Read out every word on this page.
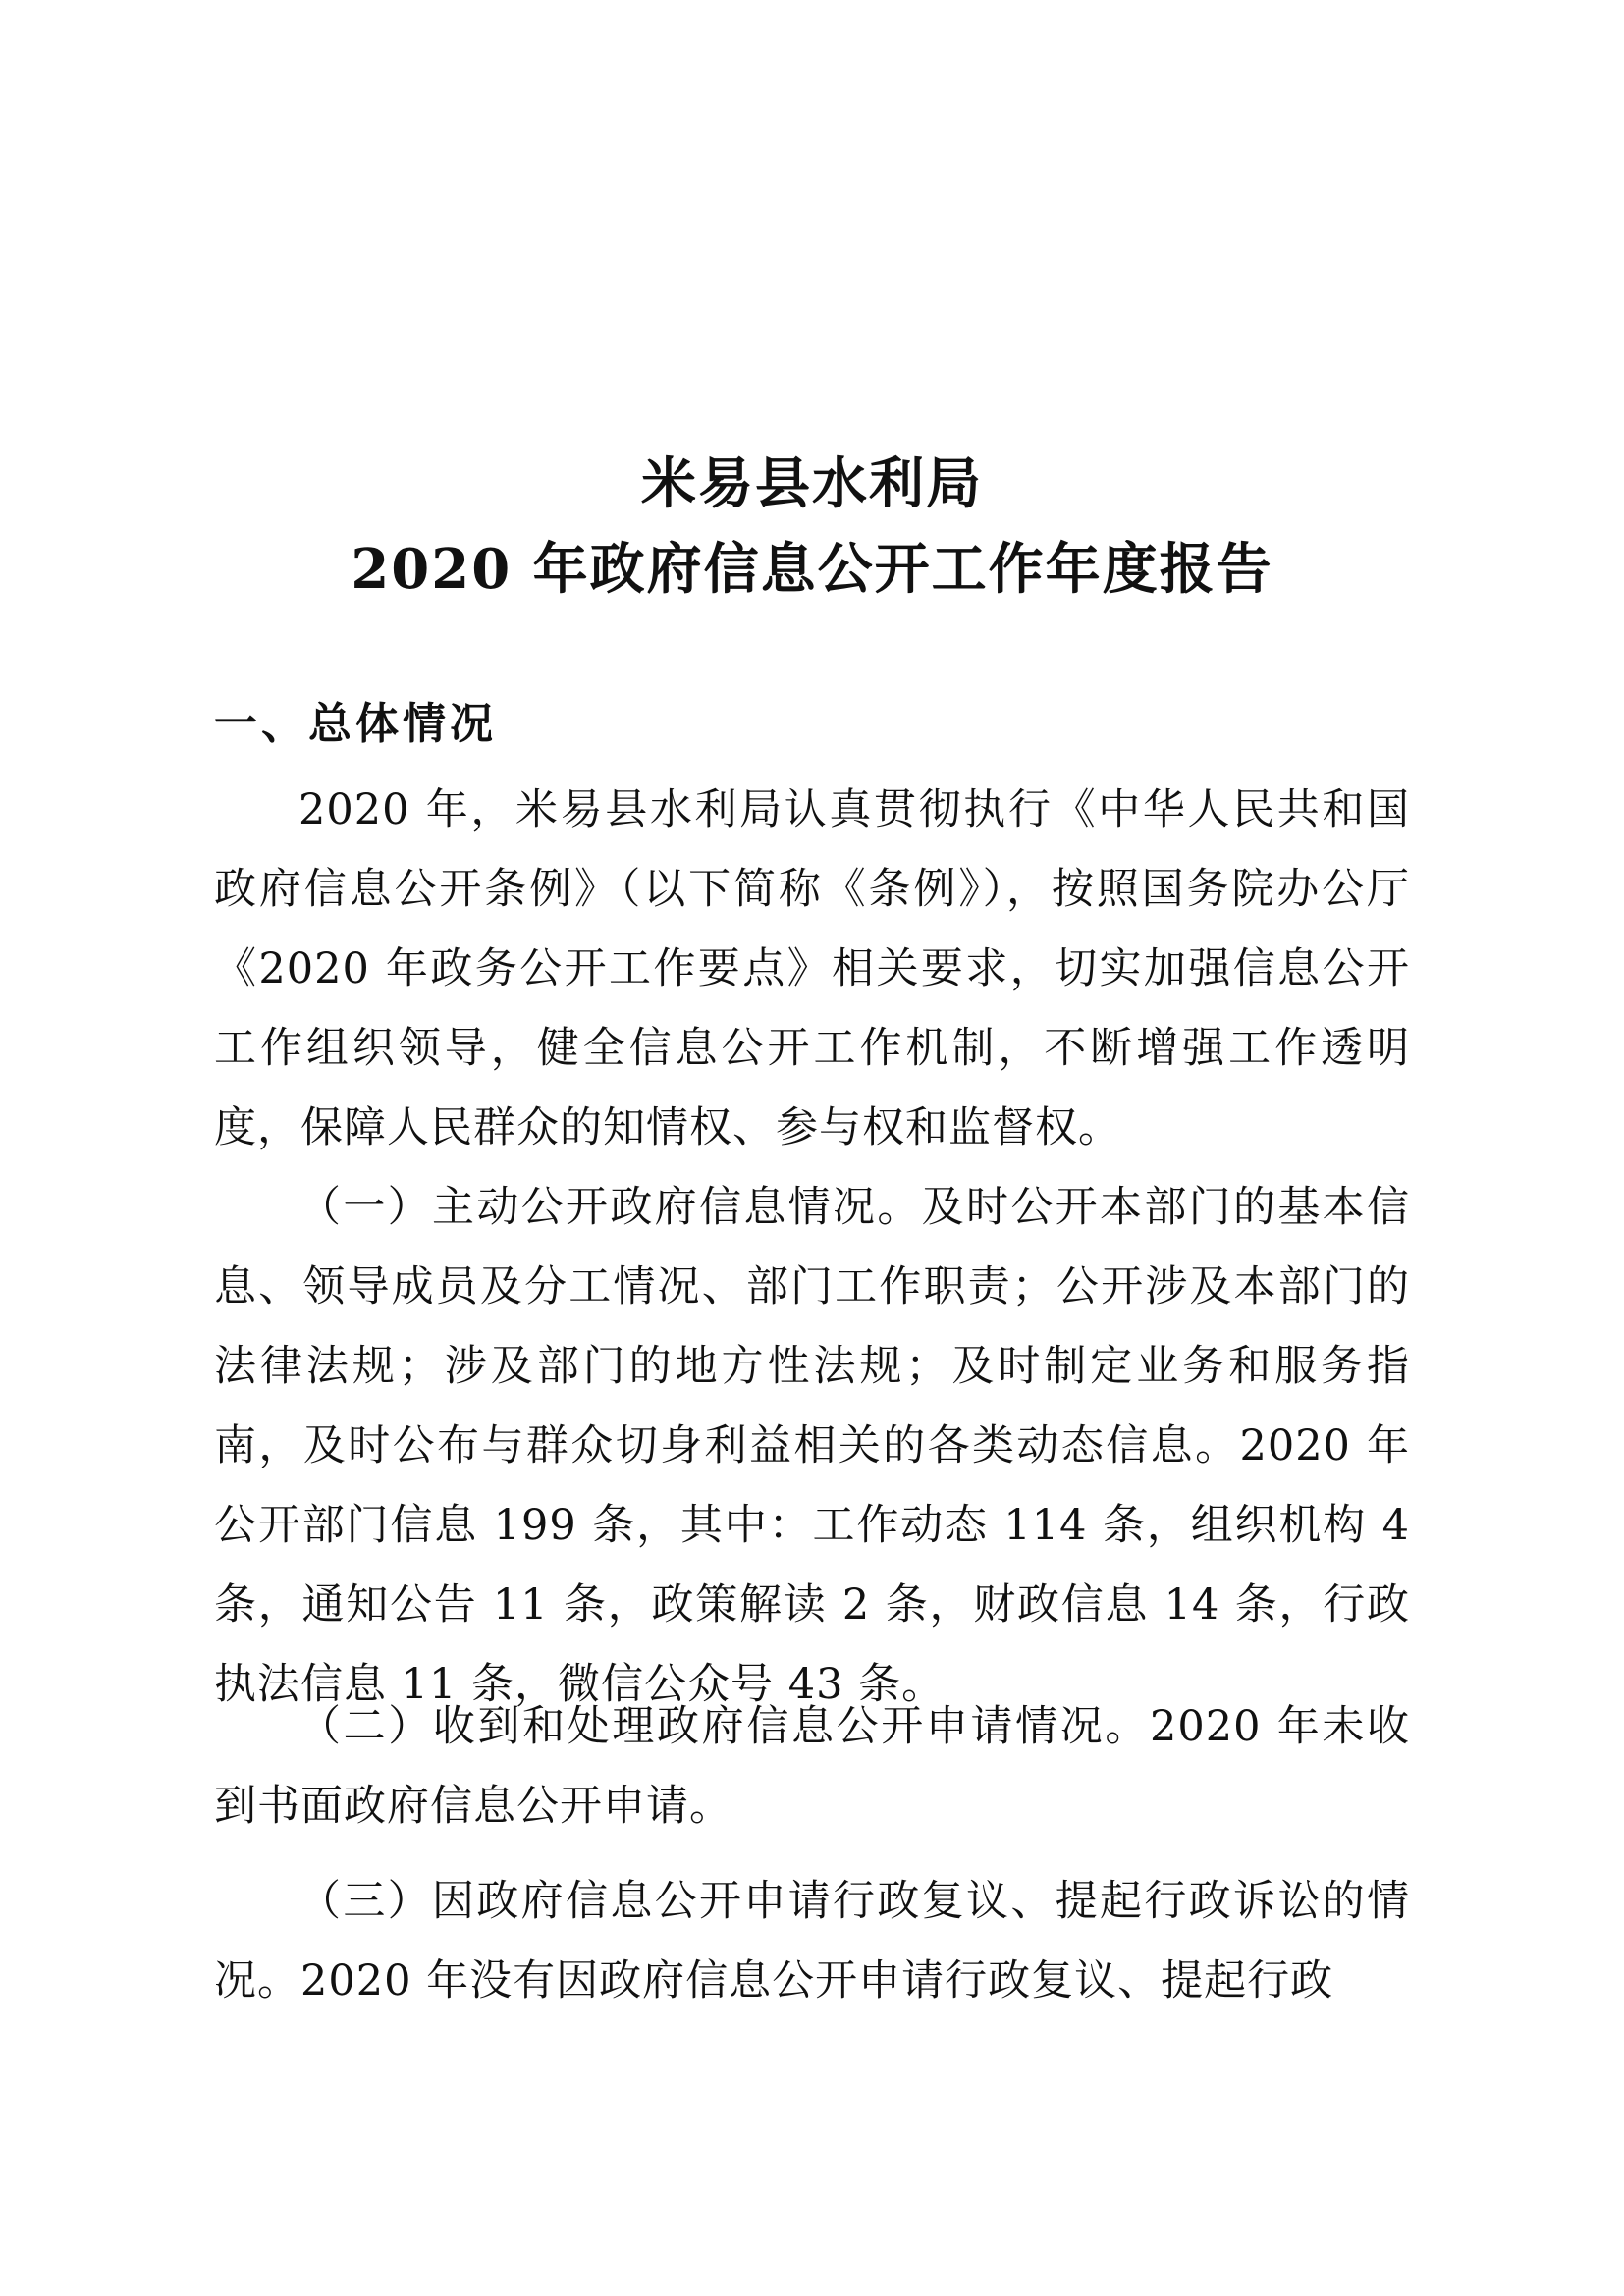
米易县水利局
2020 年政府信息公开工作年度报告
一、总体情况

2020 年，米易县水利局认真贯彻执行《中华人民共和国政府信息公开条例》（以下简称《条例》），按照国务院办公厅《2020 年政务公开工作要点》相关要求，切实加强信息公开工作组织领导，健全信息公开工作机制，不断增强工作透明度，保障人民群众的知情权、参与权和监督权。

（一）主动公开政府信息情况。及时公开本部门的基本信息、领导成员及分工情况、部门工作职责；公开涉及本部门的法律法规；涉及部门的地方性法规；及时制定业务和服务指南，及时公布与群众切身利益相关的各类动态信息。2020 年公开部门信息 199 条，其中：工作动态 114 条，组织机构 4 条，通知公告 11 条，政策解读 2 条，财政信息 14 条，行政执法信息 11 条，微信公众号 43 条。

（二）收到和处理政府信息公开申请情况。2020 年未收到书面政府信息公开申请。

（三）因政府信息公开申请行政复议、提起行政诉讼的情况。2020 年没有因政府信息公开申请行政复议、提起行政
